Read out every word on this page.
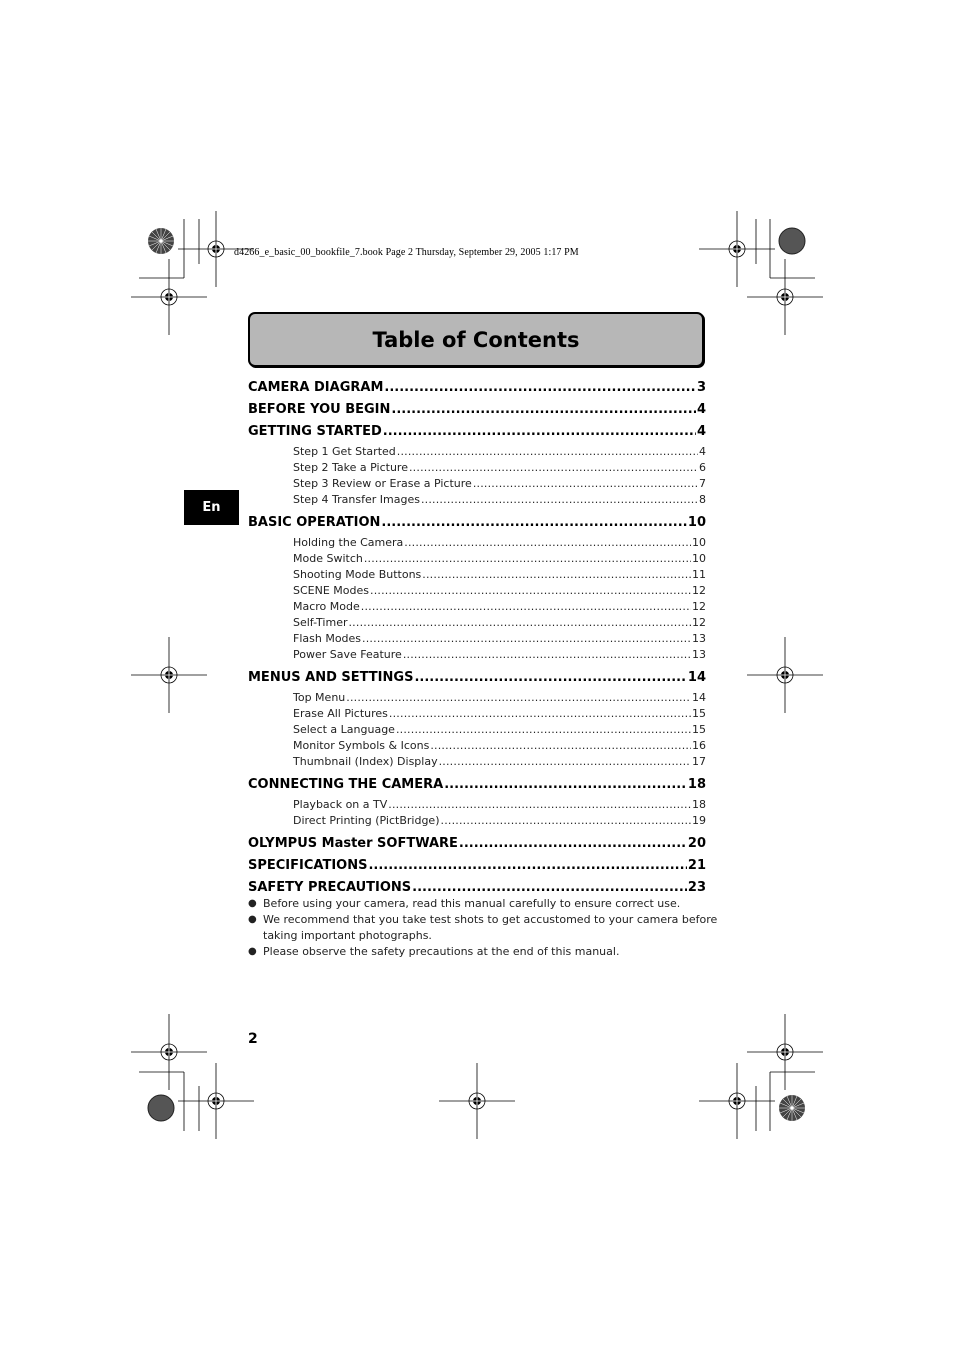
d4266_e_basic_00_bookfile_7.book Page 2 Thursday, September 29, 2005 1:17 PM
Table of Contents
En
CAMERA DIAGRAM .....	3
BEFORE YOU BEGIN .....	4
GETTING STARTED .....	4
Step 1 Get Started .....	4
Step 2 Take a Picture .....	6
Step 3 Review or Erase a Picture .....	7
Step 4 Transfer Images .....	8
BASIC OPERATION .....	10
Holding the Camera .....	10
Mode Switch .....	10
Shooting Mode Buttons .....	11
SCENE Modes .....	12
Macro Mode .....	12
Self-Timer .....	12
Flash Modes .....	13
Power Save Feature .....	13
MENUS AND SETTINGS .....	14
Top Menu .....	14
Erase All Pictures .....	15
Select a Language .....	15
Monitor Symbols & Icons .....	16
Thumbnail (Index) Display .....	17
CONNECTING THE CAMERA .....	18
Playback on a TV .....	18
Direct Printing (PictBridge) .....	19
OLYMPUS Master SOFTWARE .....	20
SPECIFICATIONS .....	21
SAFETY PRECAUTIONS .....	23
● Before using your camera, read this manual carefully to ensure correct use.
● We recommend that you take test shots to get accustomed to your camera before taking important photographs.
● Please observe the safety precautions at the end of this manual.
2
